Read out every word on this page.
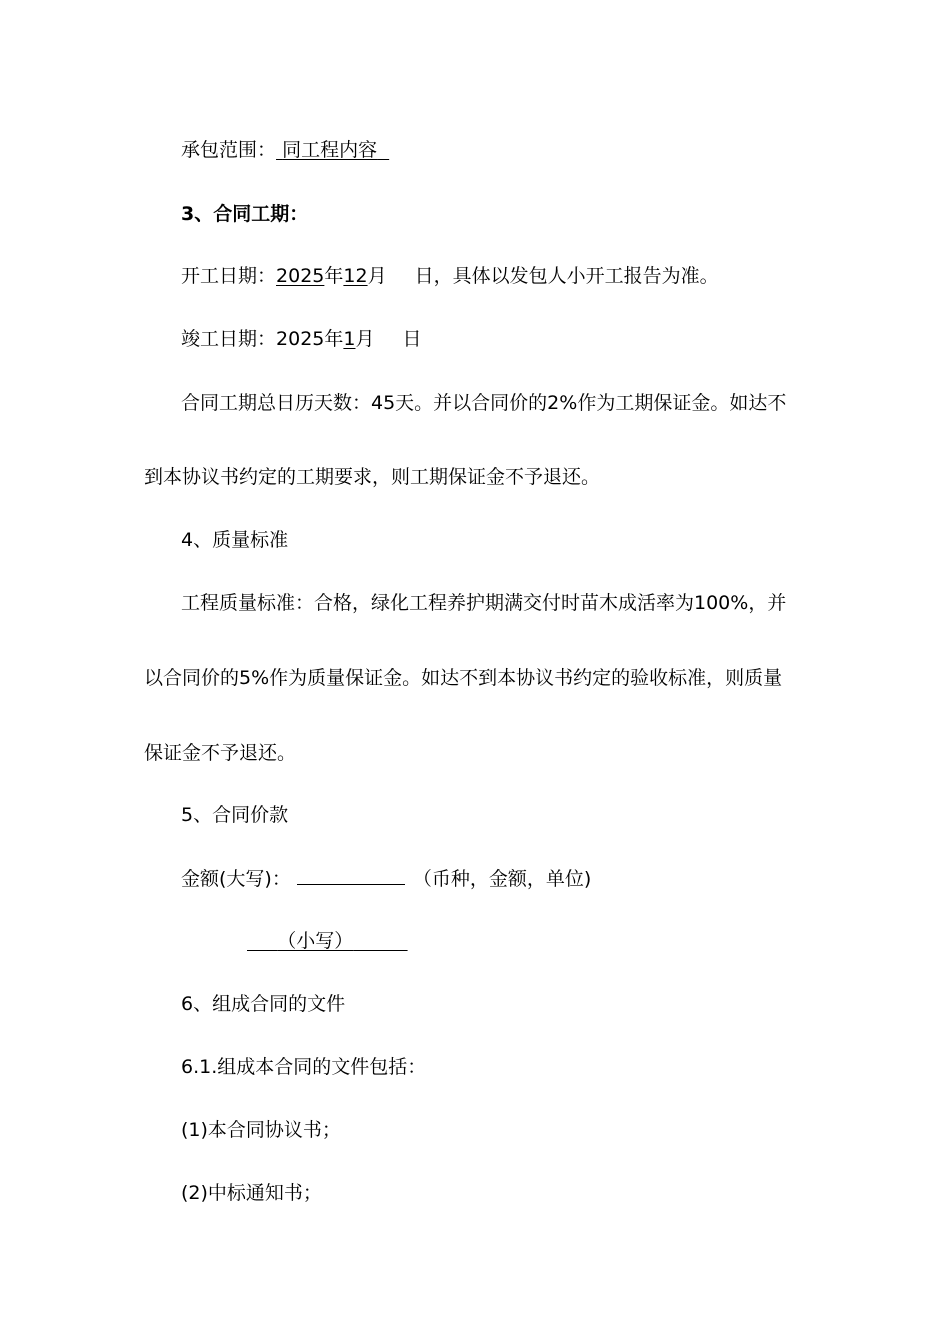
承包范围： 同工程内容
3、合同工期：
开工日期：2025年12月 日，具体以发包人小开工报告为准。
竣工日期：2025年1月 日
合同工期总日历天数：45天。并以合同价的2%作为工期保证金。如达不
到本协议书约定的工期要求，则工期保证金不予退还。
4、质量标准
工程质量标准：合格，绿化工程养护期满交付时苗木成活率为100%，并
以合同价的5%作为质量保证金。如达不到本协议书约定的验收标准，则质量
保证金不予退还。
5、合同价款
金额(大写)：	（币种，金额，单位)
（小写）
6、组成合同的文件
6.1.组成本合同的文件包括：
(1)本合同协议书；
(2)中标通知书；
